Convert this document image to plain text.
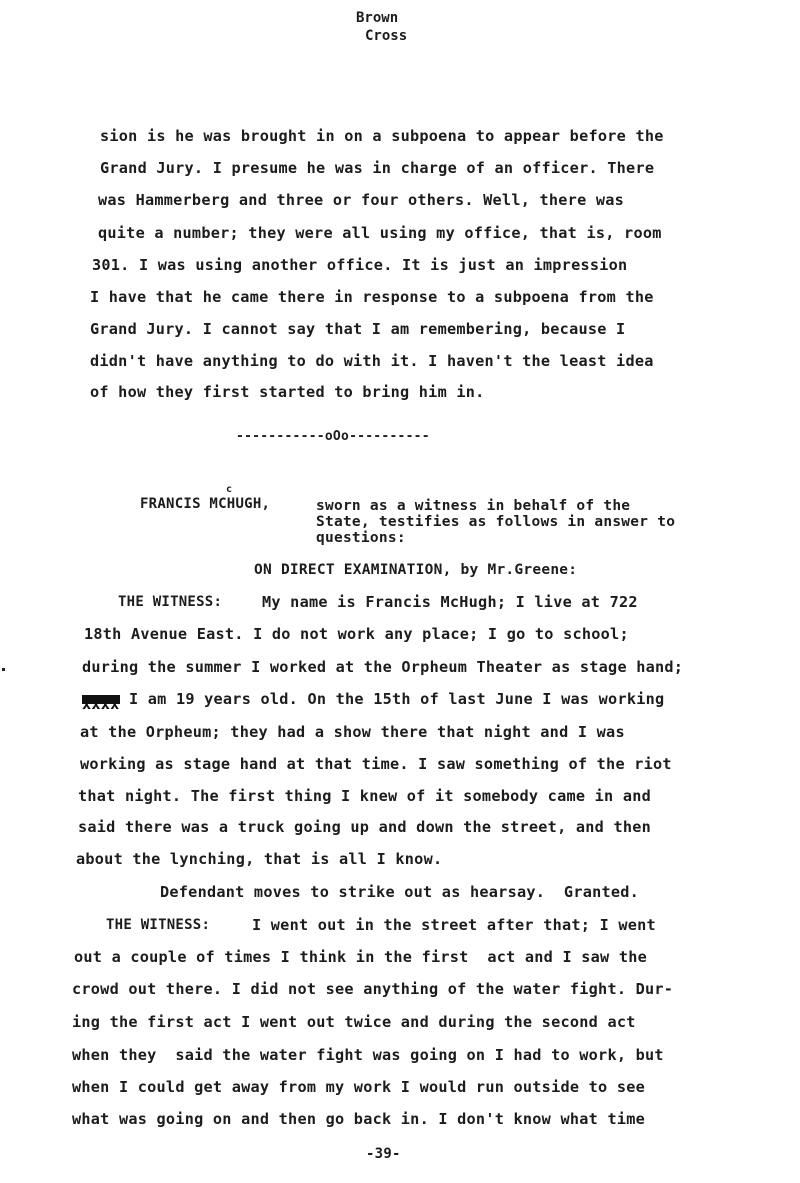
Brown
Cross
sion is he was brought in on a subpoena to appear before the
Grand Jury. I presume he was in charge of an officer. There
was Hammerberg and three or four others. Well, there was
quite a number; they were all using my office, that is, room
301. I was using another office. It is just an impression
I have that he came there in response to a subpoena from the
Grand Jury. I cannot say that I am remembering, because I
didn't have anything to do with it. I haven't the least idea
of how they first started to bring him in.
-----------oOo----------
FRANCIS MCHUGH,
c
sworn as a witness in behalf of the
State, testifies as follows in answer to
questions:
ON DIRECT EXAMINATION, by Mr.Greene:
THE WITNESS:	My name is Francis McHugh; I live at 722
18th Avenue East. I do not work any place; I go to school;
during the summer I worked at the Orpheum Theater as stage hand;
xxxx I am 19 years old. On the 15th of last June I was working
at the Orpheum; they had a show there that night and I was
working as stage hand at that time. I saw something of the riot
that night. The first thing I knew of it somebody came in and
said there was a truck going up and down the street, and then
about the lynching, that is all I know.
Defendant moves to strike out as hearsay.  Granted.
THE WITNESS:	I went out in the street after that; I went
out a couple of times I think in the first  act and I saw the
crowd out there. I did not see anything of the water fight. Dur-
ing the first act I went out twice and during the second act
when they  said the water fight was going on I had to work, but
when I could get away from my work I would run outside to see
what was going on and then go back in. I don't know what time
-39-
